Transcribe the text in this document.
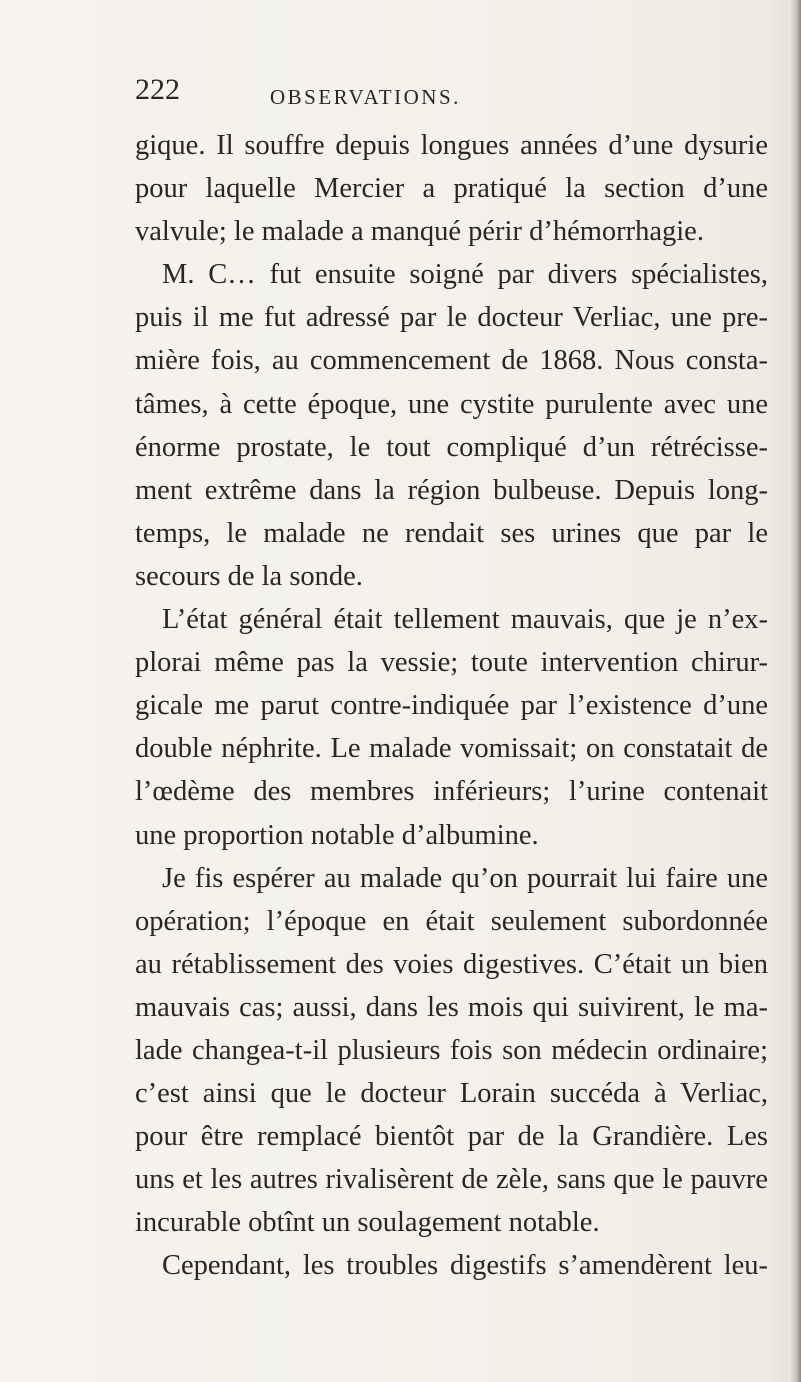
222	OBSERVATIONS.
gique. Il souffre depuis longues années d’une dysurie
pour laquelle Mercier a pratiqué la section d’une
valvule; le malade a manqué périr d’hémorrhagie.
M. C… fut ensuite soigné par divers spécialistes,
puis il me fut adressé par le docteur Verliac, une pre-
mière fois, au commencement de 1868. Nous consta-
tâmes, à cette époque, une cystite purulente avec une
énorme prostate, le tout compliqué d’un rétrécisse-
ment extrême dans la région bulbeuse. Depuis long-
temps, le malade ne rendait ses urines que par le
secours de la sonde.
L’état général était tellement mauvais, que je n’ex-
plorai même pas la vessie; toute intervention chirur-
gicale me parut contre-indiquée par l’existence d’une
double néphrite. Le malade vomissait; on constatait de
l’œdème des membres inférieurs; l’urine contenait
une proportion notable d’albumine.
Je fis espérer au malade qu’on pourrait lui faire une
opération; l’époque en était seulement subordonnée
au rétablissement des voies digestives. C’était un bien
mauvais cas; aussi, dans les mois qui suivirent, le ma-
lade changea-t-il plusieurs fois son médecin ordinaire;
c’est ainsi que le docteur Lorain succéda à Verliac,
pour être remplacé bientôt par de la Grandière. Les
uns et les autres rivalisèrent de zèle, sans que le pauvre
incurable obtînt un soulagement notable.
Cependant, les troubles digestifs s’amendèrent leu-
